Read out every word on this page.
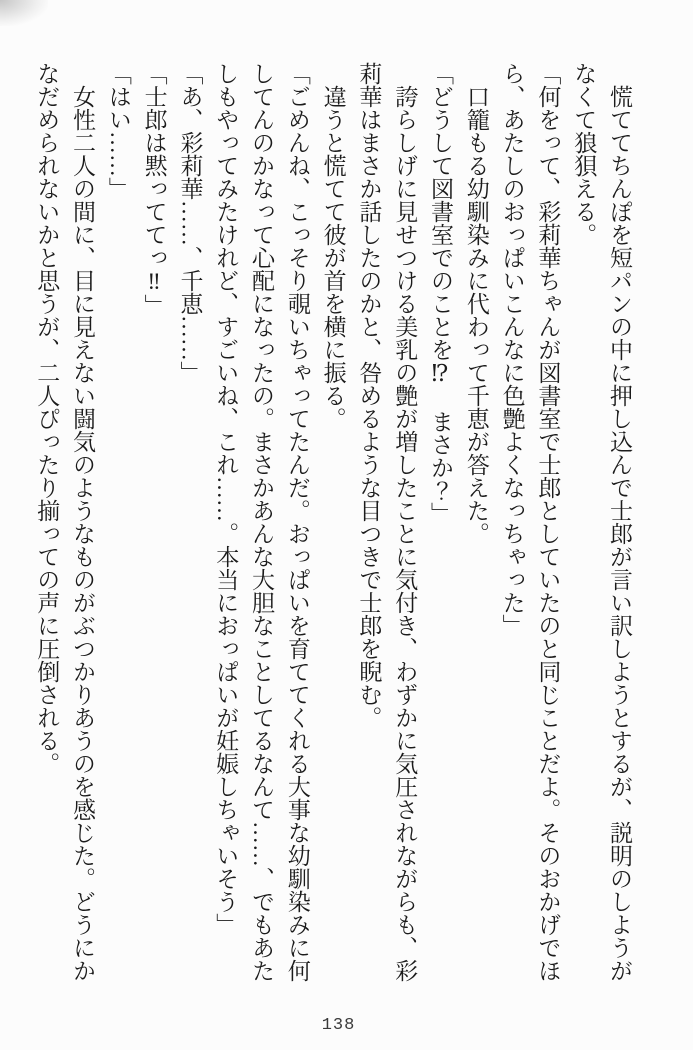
　慌ててちんぽを短パンの中に押し込んで士郎が言い訳しようとするが、説明のしようが

なくて狼狽える。

「何をって、彩莉華ちゃんが図書室で士郎としていたのと同じことだよ。そのおかげでほ

ら、あたしのおっぱいこんなに色艶よくなっちゃった」

　口籠もる幼馴染みに代わって千恵が答えた。

「どうして図書室でのことを⁉　まさか？」

　誇らしげに見せつける美乳の艶が増したことに気付き、わずかに気圧されながらも、彩

莉華はまさか話したのかと、咎めるような目つきで士郎を睨む。

　違うと慌てて彼が首を横に振る。

「ごめんね、こっそり覗いちゃってたんだ。おっぱいを育ててくれる大事な幼馴染みに何

してんのかなって心配になったの。まさかあんな大胆なことしてるなんて……、でもあた

しもやってみたけれど、すごいね、これ……。本当におっぱいが妊娠しちゃいそう」

「あ、彩莉華……、千恵……」

「士郎は黙っててっ‼」

「はい……」

　女性二人の間に、目に見えない闘気のようなものがぶつかりあうのを感じた。どうにか

なだめられないかと思うが、二人ぴったり揃っての声に圧倒される。

138
